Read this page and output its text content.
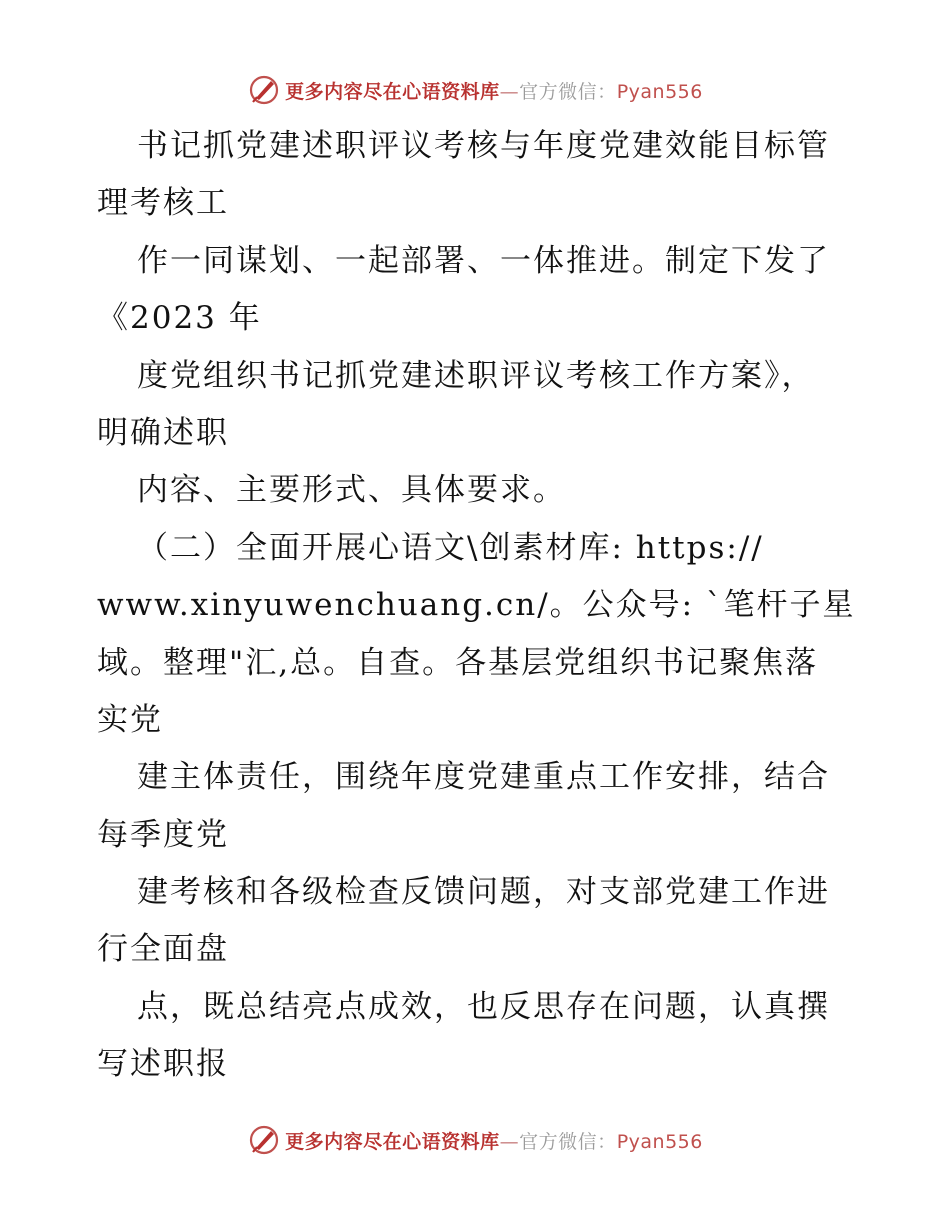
更多内容尽在心语资料库—官方微信：Pyan556
书记抓党建述职评议考核与年度党建效能目标管
理考核工
作一同谋划、一起部署、一体推进。制定下发了
《2023 年
度党组织书记抓党建述职评议考核工作方案》，
明确述职
内容、主要形式、具体要求。
（二）全面开展心语文\创素材库: https://
www.xinyuwenchuang.cn/。公众号: `笔杆子星
域。整理"汇,总。自查。各基层党组织书记聚焦落
实党
建主体责任，围绕年度党建重点工作安排，结合
每季度党
建考核和各级检查反馈问题，对支部党建工作进
行全面盘
点，既总结亮点成效，也反思存在问题，认真撰
写述职报
更多内容尽在心语资料库—官方微信：Pyan556
